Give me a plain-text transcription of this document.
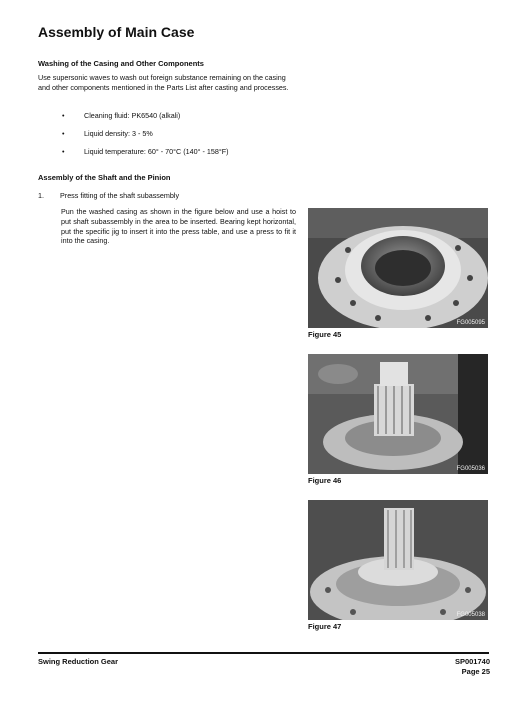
Assembly of Main Case
Washing of the Casing and Other Components
Use supersonic waves to wash out foreign substance remaining on the casing and other components mentioned in the Parts List after casting and processes.
•	Cleaning fluid: PK6540 (alkali)
•	Liquid density: 3 - 5%
•	Liquid temperature: 60° - 70°C (140° - 158°F)
Assembly of the Shaft and the Pinion
1. Press fitting of the shaft subassembly
Pun the washed casing as shown in the figure below and use a hoist to put shaft subassembly in the area to be inserted. Bearing kept horizontal, put the specific jig to insert it into the press table, and use a press to fit it into the casing.
FG005095
Figure 45
FG005036
Figure 46
FG005038
Figure 47
Swing Reduction Gear	SP001740
Page 25
